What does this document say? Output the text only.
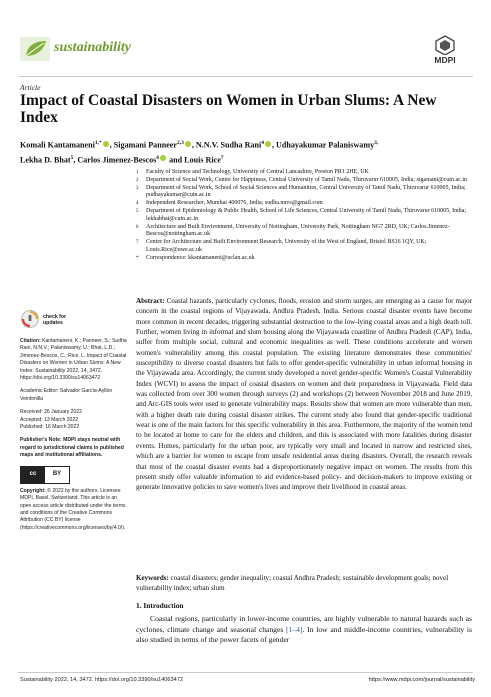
sustainability
MDPI
Article
Impact of Coastal Disasters on Women in Urban Slums: A New Index
Komali Kantamaneni$^{1,*}$ , Sigamani Panneer$^{2,3}$ , N.N.V. Sudha Rani$^4$ , Udhayakumar Palaniswamy$^{3,}$
Lekha D. Bhat$^5$, Carlos Jimenez-Bescos$^6$ and Louis Rice$^7$
1 Faculty of Science and Technology, University of Central Lancashire, Preston PR1 2HE, UK
2 Department of Social Work, Centre for Happiness, Central University of Tamil Nadu, Thiruvarur 610005, India; sigamani@cutn.ac.in
3 Department of Social Work, School of Social Sciences and Humanities, Central University of Tamil Nadu, Thiruvarur 610005, India; pudhayakumar@cutn.ac.in
4 Independent Researcher, Mumbai 400076, India; sudha.nnvs@gmail.com
5 Department of Epidemiology & Public Health, School of Life Sciences, Central University of Tamil Nadu, Thiruvarur 610005, India; lekhabhat@cutn.ac.in
6 Architecture and Built Environment, University of Nottingham, University Park, Nottingham NG7 2RD, UK; Carlos.Jimenez-Bescos@nottingham.ac.uk
7 Centre for Architecture and Built Environment Research, University of the West of England, Bristol BS16 1QY, UK; Louis.Rice@uwe.ac.uk
* Correspondence: kkantamaneni@uclan.ac.uk
check for
updates
Citation: Kantamaneni, K.; Panneer, S.; Sudha Rani, N.N.V.; Palaniswamy, U.; Bhat, L.D.; Jimenez-Bescos, C.; Rice, L. Impact of Coastal Disasters on Women in Urban Slums: A New Index. Sustainability 2022, 14, 3472. https://doi.org/10.3390/su14063472
Academic Editor: Salvador García-Ayllón Veintimilla
Received: 26 January 2022
Accepted: 13 March 2022
Published: 16 March 2022
Publisher's Note: MDPI stays neutral with regard to jurisdictional claims in published maps and institutional affiliations.
cc	BY
Copyright: © 2022 by the authors. Licensee MDPI, Basel, Switzerland. This article is an open access article distributed under the terms and conditions of the Creative Commons Attribution (CC BY) license (https://creativecommons.org/licenses/by/4.0/).
Abstract: Coastal hazards, particularly cyclones, floods, erosion and storm surges, are emerging as a cause for major concern in the coastal regions of Vijayawada, Andhra Pradesh, India. Serious coastal disaster events have become more common in recent decades, triggering substantial destruction to the low-lying coastal areas and a high death toll. Further, women living in informal and slum housing along the Vijayawada coastline of Andhra Pradesh (CAP), India, suffer from multiple social, cultural and economic inequalities as well. These conditions accelerate and worsen women's vulnerability among this coastal population. The existing literature demonstrates these communities' susceptibility to diverse coastal disasters but fails to offer gender-specific vulnerability in urban informal housing in the Vijayawada area. Accordingly, the current study developed a novel gender-specific Women's Coastal Vulnerability Index (WCVI) to assess the impact of coastal disasters on women and their preparedness in Vijayawada. Field data was collected from over 300 women through surveys (2) and workshops (2) between November 2018 and June 2019, and Arc-GIS tools were used to generate vulnerability maps. Results show that women are more vulnerable than men, with a higher death rate during coastal disaster strikes. The current study also found that gender-specific traditional wear is one of the main factors for this specific vulnerability in this area. Furthermore, the majority of the women tend to be located at home to care for the elders and children, and this is associated with more fatalities during disaster events. Homes, particularly for the urban poor, are typically very small and located in narrow and restricted sites, which are a barrier for women to escape from unsafe residential areas during disasters. Overall, the research reveals that most of the coastal disaster events had a disproportionately negative impact on women. The results from this present study offer valuable information to aid evidence-based policy- and decision-makers to improve existing or generate innovative policies to save women's lives and improve their livelihood in coastal areas.
Keywords: coastal disasters; gender inequality; coastal Andhra Pradesh; sustainable development goals; novel vulnerability index; urban slum
1. Introduction
Coastal regions, particularly in lower-income countries, are highly vulnerable to natural hazards such as cyclones, climate change and seasonal changes [1–4]. In low and middle-income countries, vulnerability is also studied in terms of the power facets of gender
Sustainability 2022, 14, 3472. https://doi.org/10.3390/su14063472	https://www.mdpi.com/journal/sustainability
